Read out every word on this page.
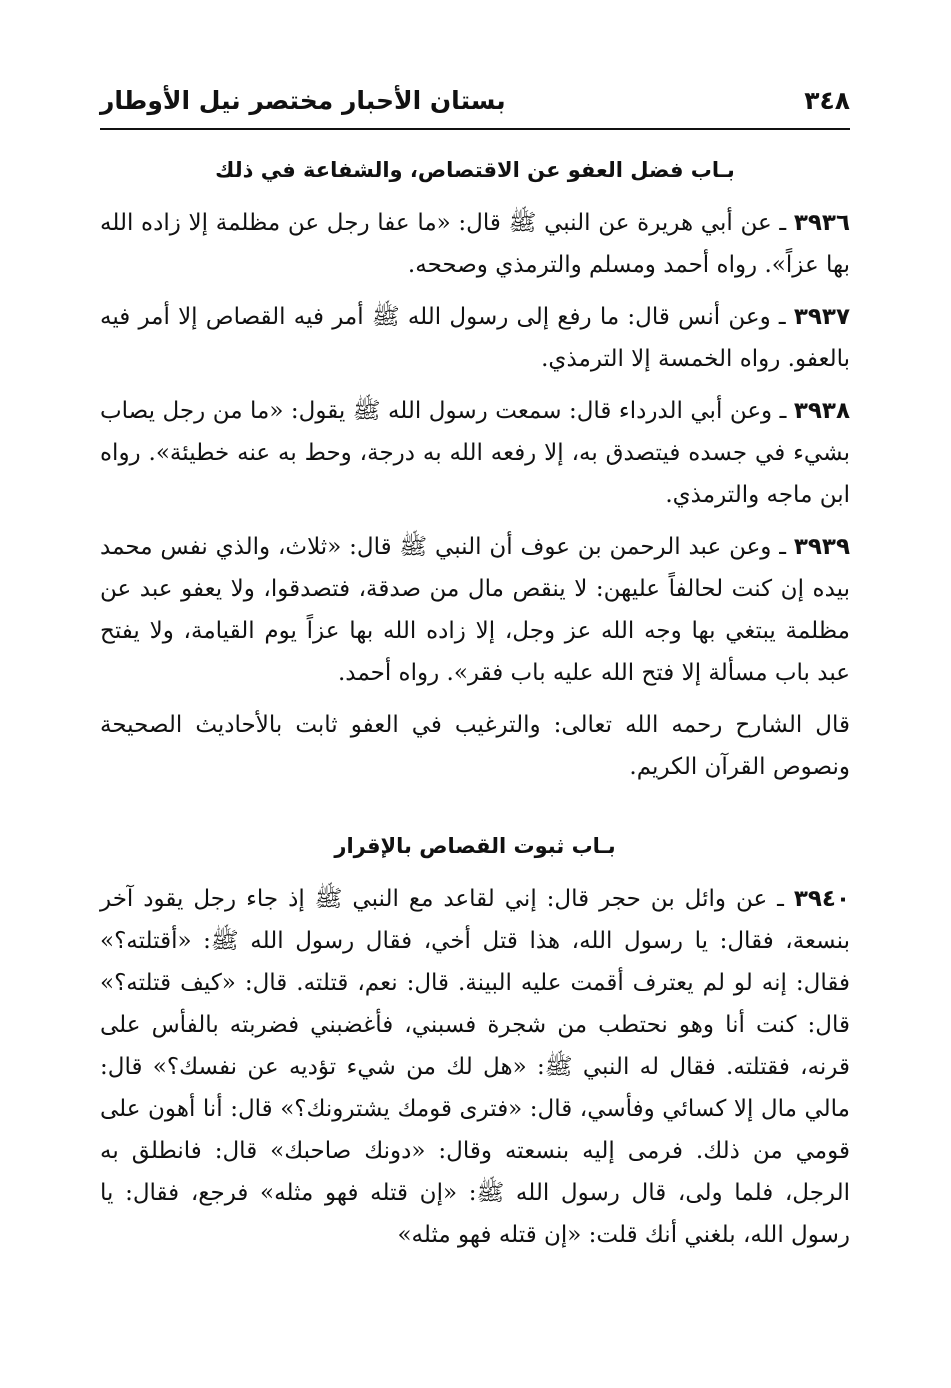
٣٤٨
بستان الأحبار مختصر نيل الأوطار
بـاب فضل العفو عن الاقتصاص، والشفاعة في ذلك

٣٩٣٦ ـ عن أبي هريرة عن النبي ﷺ قال: «ما عفا رجل عن مظلمة إلا زاده الله بها عزاً». رواه أحمد ومسلم والترمذي وصححه.

٣٩٣٧ ـ وعن أنس قال: ما رفع إلى رسول الله ﷺ أمر فيه القصاص إلا أمر فيه بالعفو. رواه الخمسة إلا الترمذي.

٣٩٣٨ ـ وعن أبي الدرداء قال: سمعت رسول الله ﷺ يقول: «ما من رجل يصاب بشيء في جسده فيتصدق به، إلا رفعه الله به درجة، وحط به عنه خطيئة». رواه ابن ماجه والترمذي.

٣٩٣٩ ـ وعن عبد الرحمن بن عوف أن النبي ﷺ قال: «ثلاث، والذي نفس محمد بيده إن كنت لحالفاً عليهن: لا ينقص مال من صدقة، فتصدقوا، ولا يعفو عبد عن مظلمة يبتغي بها وجه الله عز وجل، إلا زاده الله بها عزاً يوم القيامة، ولا يفتح عبد باب مسألة إلا فتح الله عليه باب فقر». رواه أحمد.

قال الشارح رحمه الله تعالى: والترغيب في العفو ثابت بالأحاديث الصحيحة ونصوص القرآن الكريم.

بـاب ثبوت القصاص بالإقرار

٣٩٤٠ ـ عن وائل بن حجر قال: إني لقاعد مع النبي ﷺ إذ جاء رجل يقود آخر بنسعة، فقال: يا رسول الله، هذا قتل أخي، فقال رسول الله ﷺ: «أقتلته؟» فقال: إنه لو لم يعترف أقمت عليه البينة. قال: نعم، قتلته. قال: «كيف قتلته؟» قال: كنت أنا وهو نحتطب من شجرة فسبني، فأغضبني فضربته بالفأس على قرنه، فقتلته. فقال له النبي ﷺ: «هل لك من شيء تؤديه عن نفسك؟» قال: مالي مال إلا كسائي وفأسي، قال: «فترى قومك يشترونك؟» قال: أنا أهون على قومي من ذلك. فرمى إليه بنسعته وقال: «دونك صاحبك» قال: فانطلق به الرجل، فلما ولى، قال رسول الله ﷺ: «إن قتله فهو مثله» فرجع، فقال: يا رسول الله، بلغني أنك قلت: «إن قتله فهو مثله»
